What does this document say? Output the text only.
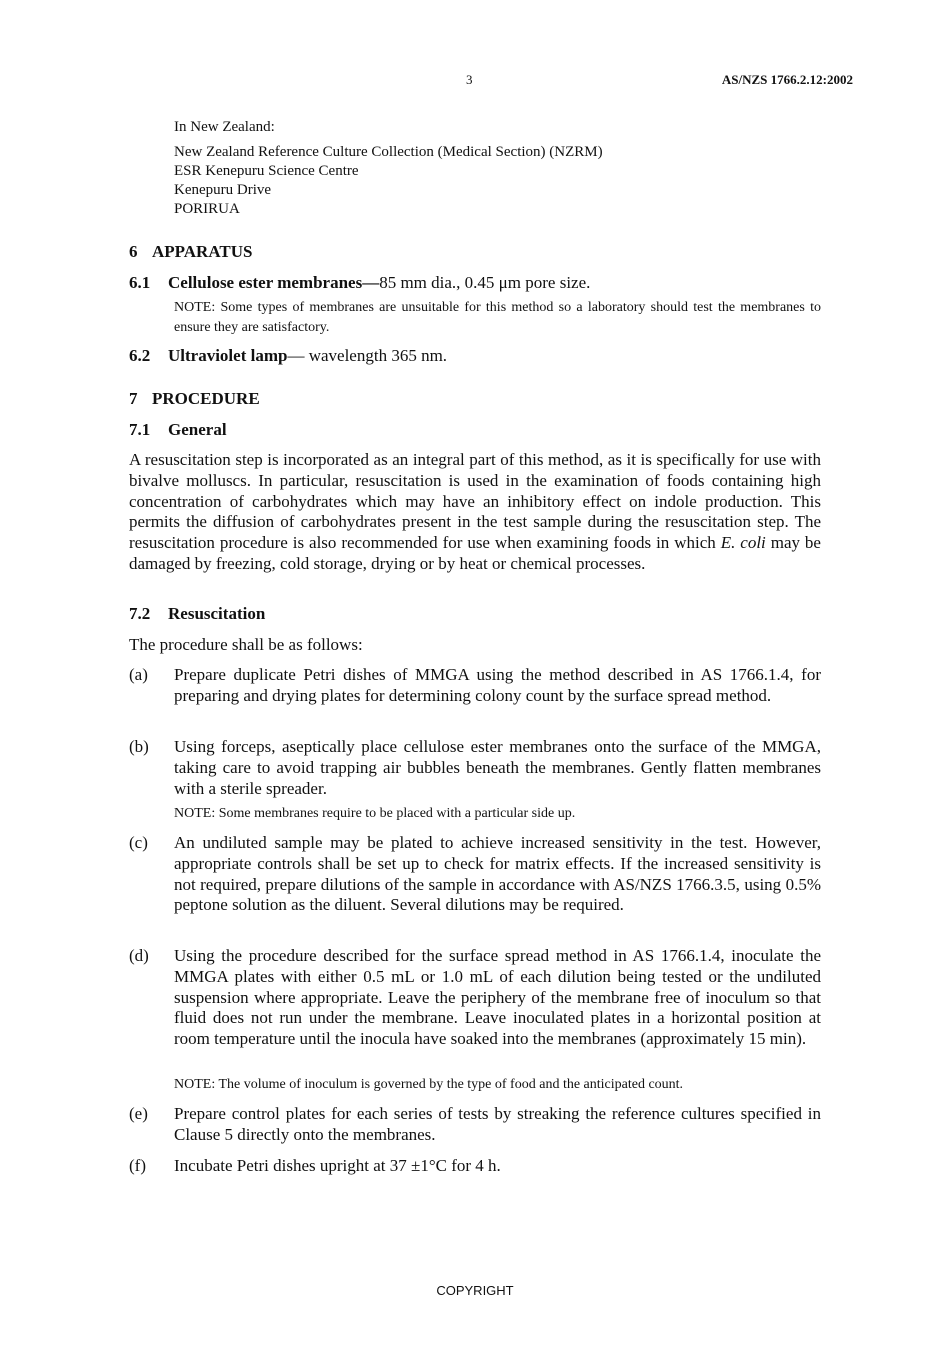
3	AS/NZS 1766.2.12:2002
In New Zealand:
New Zealand Reference Culture Collection (Medical Section) (NZRM)
ESR Kenepuru Science Centre
Kenepuru Drive
PORIRUA
6 APPARATUS
6.1 Cellulose ester membranes—85 mm dia., 0.45 μm pore size.
NOTE: Some types of membranes are unsuitable for this method so a laboratory should test the membranes to ensure they are satisfactory.
6.2 Ultraviolet lamp— wavelength 365 nm.
7 PROCEDURE
7.1 General
A resuscitation step is incorporated as an integral part of this method, as it is specifically for use with bivalve molluscs. In particular, resuscitation is used in the examination of foods containing high concentration of carbohydrates which may have an inhibitory effect on indole production. This permits the diffusion of carbohydrates present in the test sample during the resuscitation step. The resuscitation procedure is also recommended for use when examining foods in which E. coli may be damaged by freezing, cold storage, drying or by heat or chemical processes.
7.2 Resuscitation
The procedure shall be as follows:
(a) Prepare duplicate Petri dishes of MMGA using the method described in AS 1766.1.4, for preparing and drying plates for determining colony count by the surface spread method.
(b) Using forceps, aseptically place cellulose ester membranes onto the surface of the MMGA, taking care to avoid trapping air bubbles beneath the membranes. Gently flatten membranes with a sterile spreader.
NOTE: Some membranes require to be placed with a particular side up.
(c) An undiluted sample may be plated to achieve increased sensitivity in the test. However, appropriate controls shall be set up to check for matrix effects. If the increased sensitivity is not required, prepare dilutions of the sample in accordance with AS/NZS 1766.3.5, using 0.5% peptone solution as the diluent. Several dilutions may be required.
(d) Using the procedure described for the surface spread method in AS 1766.1.4, inoculate the MMGA plates with either 0.5 mL or 1.0 mL of each dilution being tested or the undiluted suspension where appropriate. Leave the periphery of the membrane free of inoculum so that fluid does not run under the membrane. Leave inoculated plates in a horizontal position at room temperature until the inocula have soaked into the membranes (approximately 15 min).
NOTE: The volume of inoculum is governed by the type of food and the anticipated count.
(e) Prepare control plates for each series of tests by streaking the reference cultures specified in Clause 5 directly onto the membranes.
(f) Incubate Petri dishes upright at 37 ±1°C for 4 h.
COPYRIGHT
